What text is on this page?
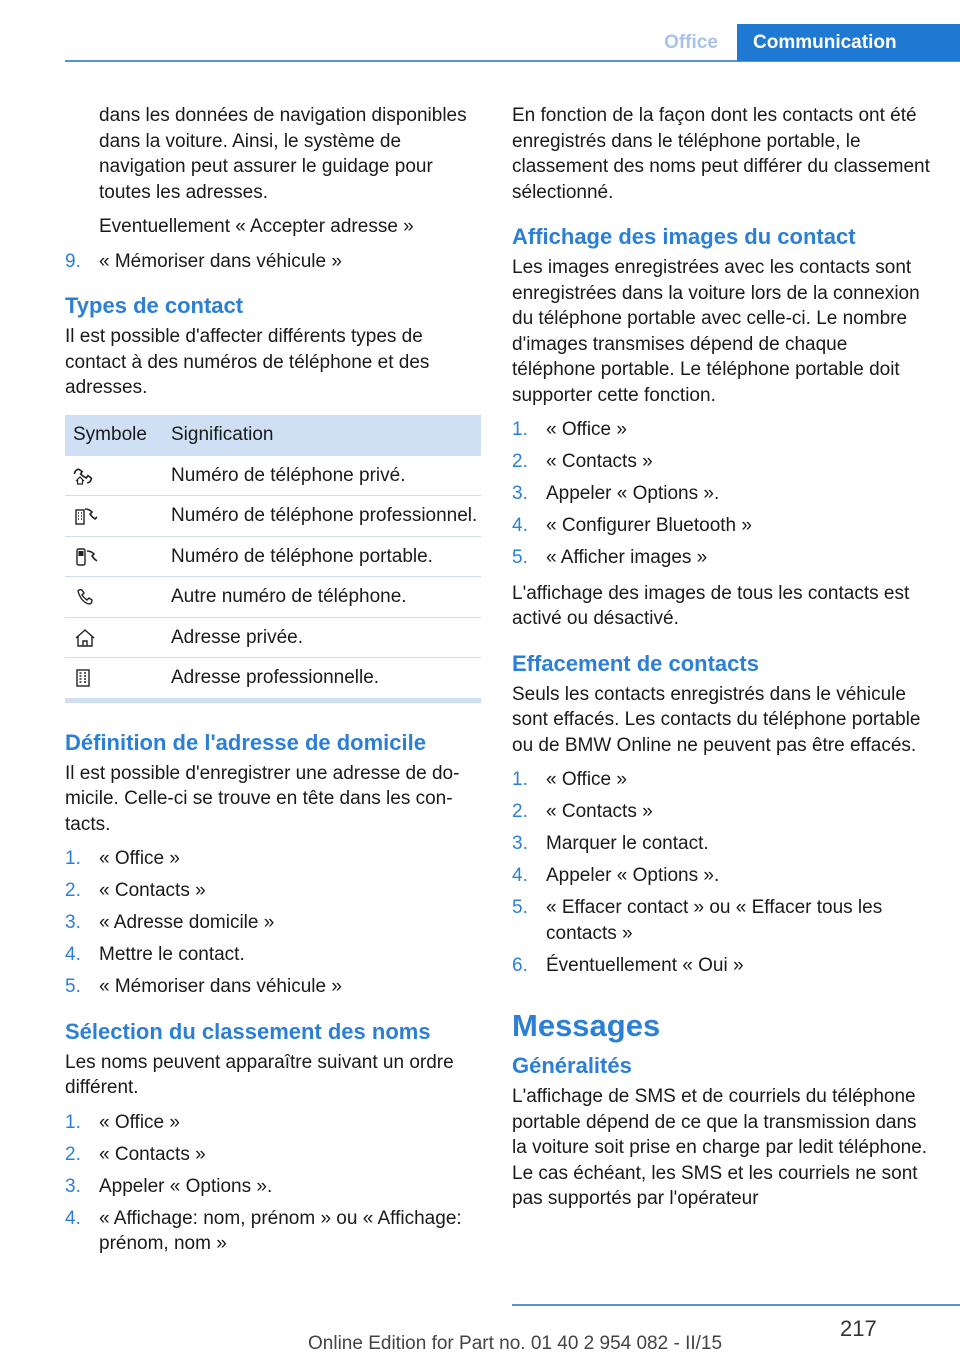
Office	Communication

dans les données de navigation disponibles dans la voiture. Ainsi, le système de navigation peut assurer le guidage pour toutes les adresses.

Eventuellement « Accepter adresse »

9. « Mémoriser dans véhicule »
Types de contact

Il est possible d'affecter différents types de contact à des numéros de téléphone et des adresses.

Symbole	Signification

	Numéro de téléphone privé.

	Numéro de téléphone professionnel.

	Numéro de téléphone portable.

	Autre numéro de téléphone.

	Adresse privée.

	Adresse professionnelle.
Définition de l'adresse de domicile

Il est possible d'enregistrer une adresse de domicile. Celle-ci se trouve en tête dans les contacts.

1. « Office »
2. « Contacts »
3. « Adresse domicile »
4. Mettre le contact.
5. « Mémoriser dans véhicule »
Sélection du classement des noms

Les noms peuvent apparaître suivant un ordre différent.

1. « Office »
2. « Contacts »
3. Appeler « Options ».
4. « Affichage: nom, prénom » ou « Affichage: prénom, nom »

En fonction de la façon dont les contacts ont été enregistrés dans le téléphone portable, le classement des noms peut différer du classement sélectionné.

Affichage des images du contact

Les images enregistrées avec les contacts sont enregistrées dans la voiture lors de la connexion du téléphone portable avec celle-ci. Le nombre d'images transmises dépend de chaque téléphone portable. Le téléphone portable doit supporter cette fonction.

1. « Office »
2. « Contacts »
3. Appeler « Options ».
4. « Configurer Bluetooth »
5. « Afficher images »

L'affichage des images de tous les contacts est activé ou désactivé.

Effacement de contacts

Seuls les contacts enregistrés dans le véhicule sont effacés. Les contacts du téléphone portable ou de BMW Online ne peuvent pas être effacés.

1. « Office »
2. « Contacts »
3. Marquer le contact.
4. Appeler « Options ».
5. « Effacer contact » ou « Effacer tous les contacts »
6. Éventuellement « Oui »
Messages
Généralités

L'affichage de SMS et de courriels du téléphone portable dépend de ce que la transmission dans la voiture soit prise en charge par ledit téléphone. Le cas échéant, les SMS et les courriels ne sont pas supportés par l'opérateur

217
Online Edition for Part no. 01 40 2 954 082 - II/15
